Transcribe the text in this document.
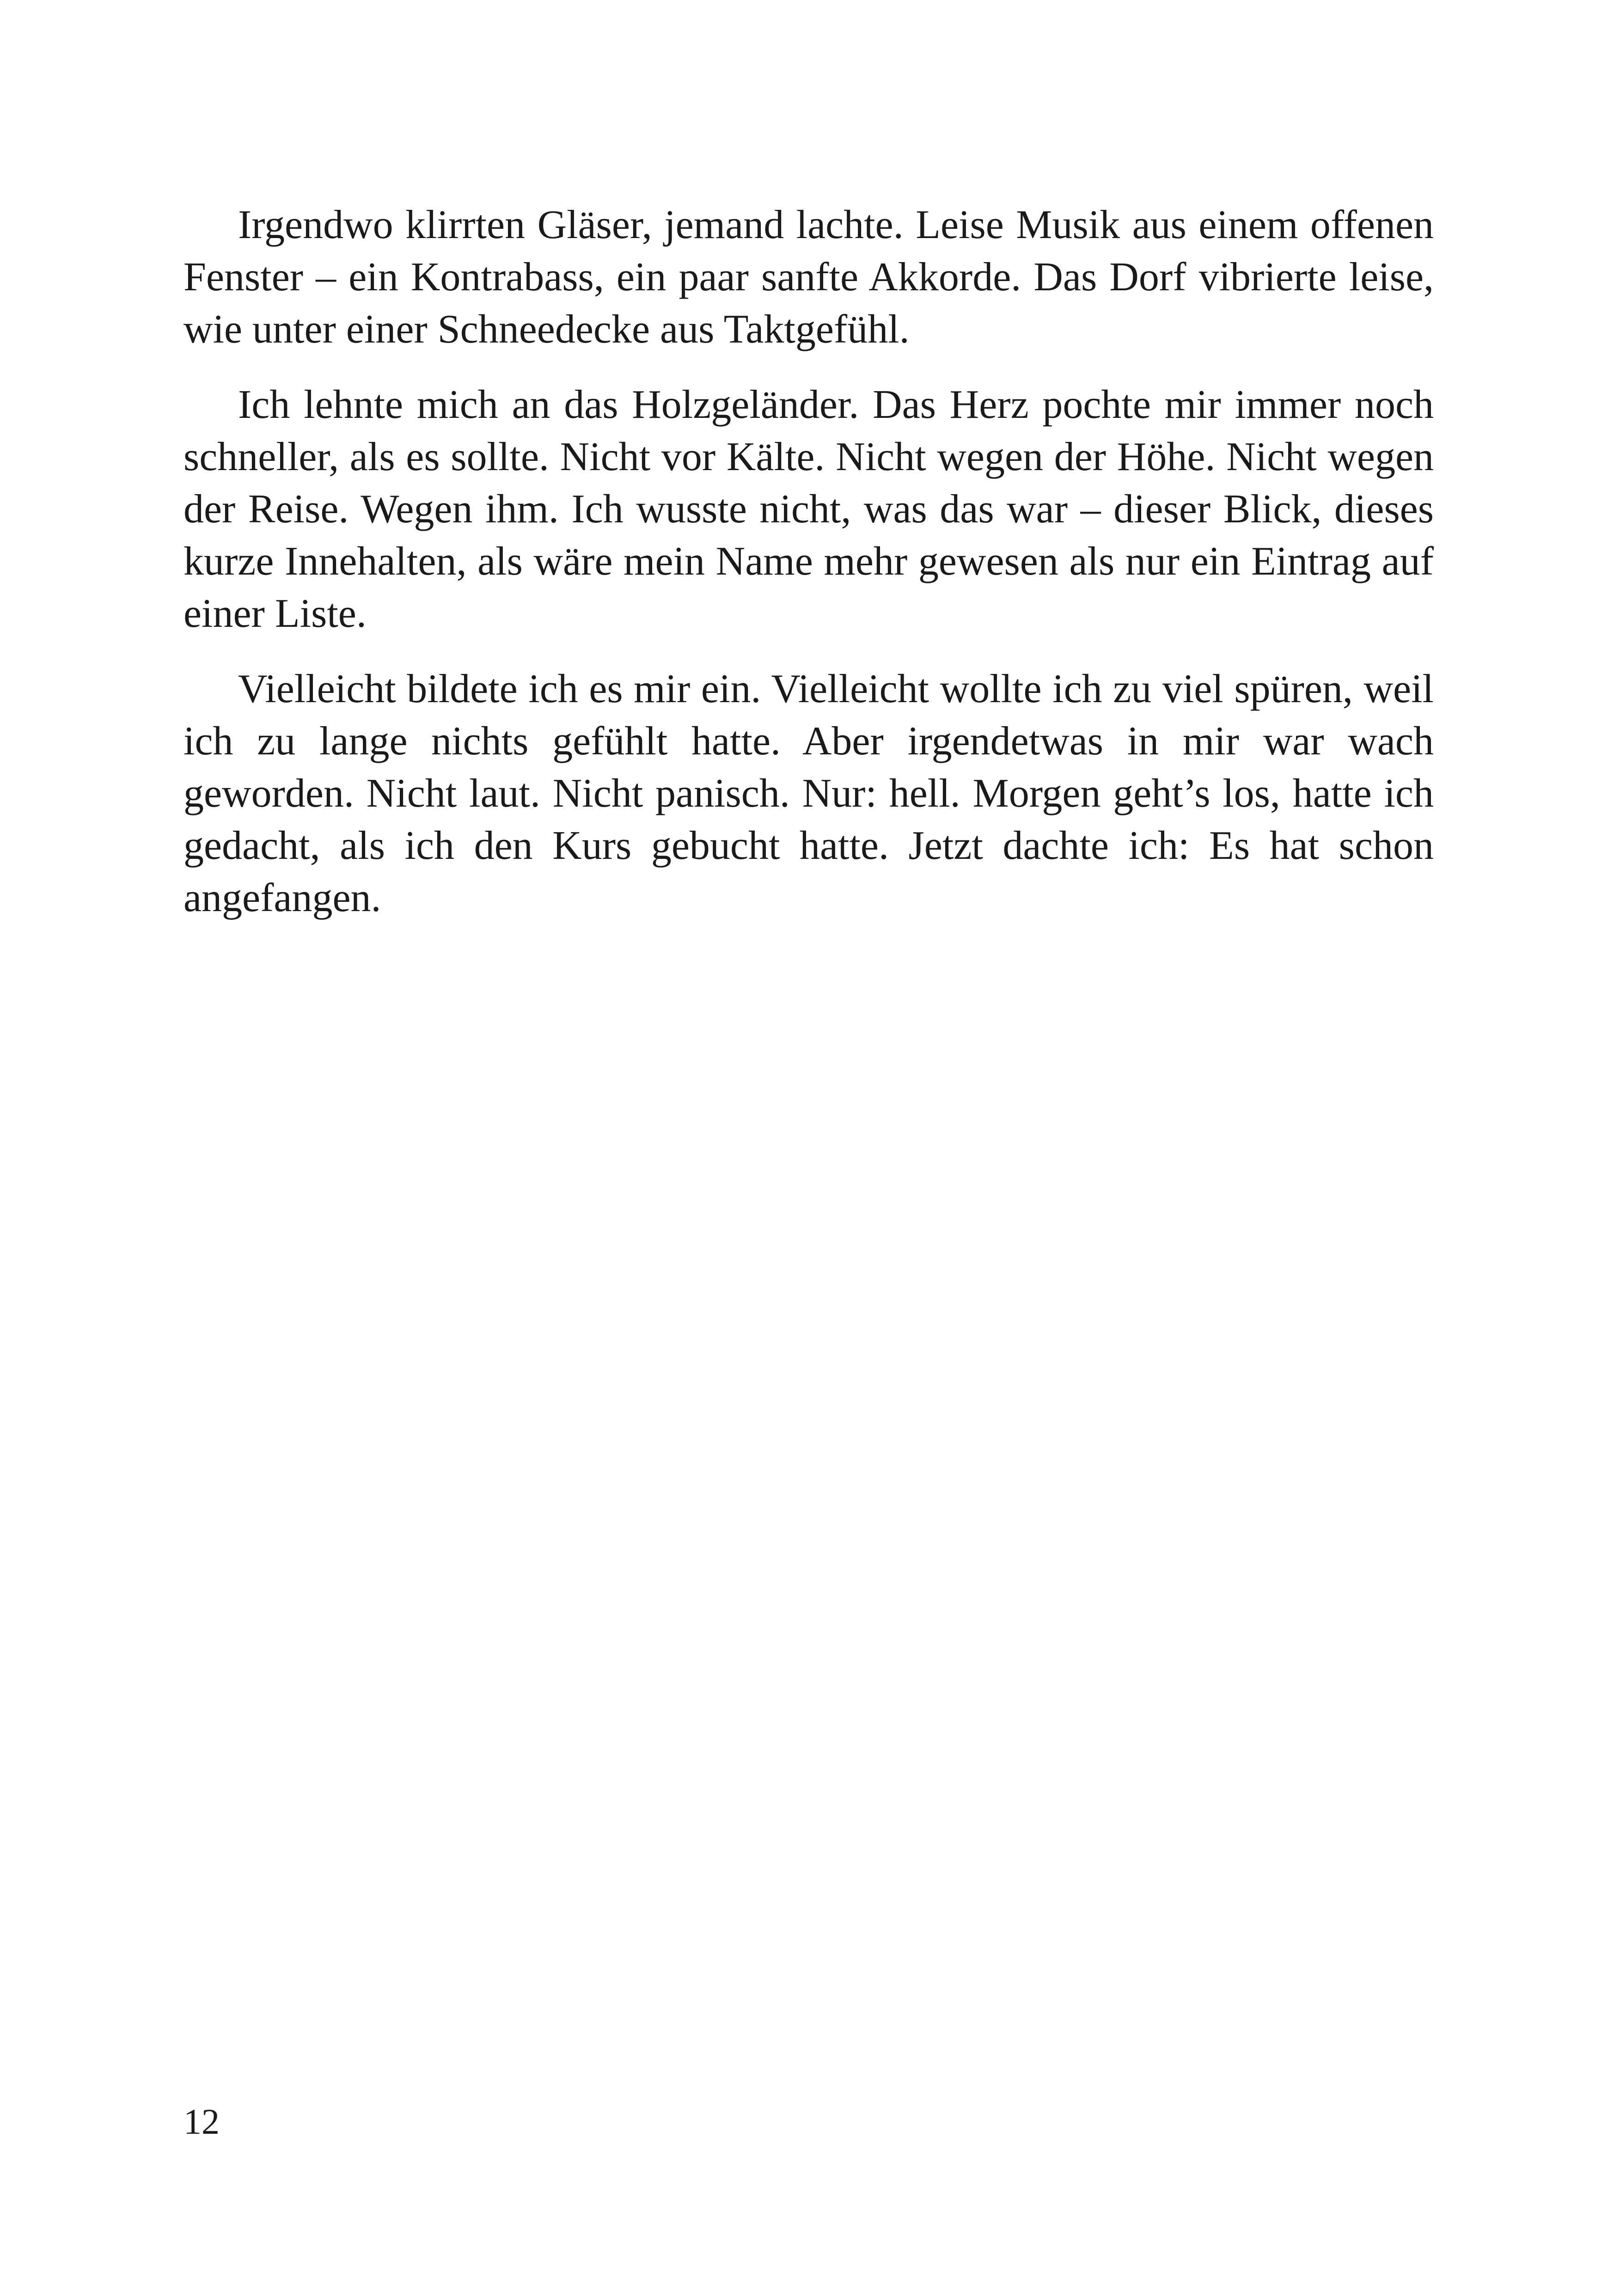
Irgendwo klirrten Gläser, jemand lachte. Leise Musik aus einem offenen Fenster – ein Kontrabass, ein paar sanfte Akkorde. Das Dorf vibrierte leise, wie unter einer Schneedecke aus Taktgefühl.

Ich lehnte mich an das Holzgeländer. Das Herz pochte mir immer noch schneller, als es sollte. Nicht vor Kälte. Nicht wegen der Höhe. Nicht wegen der Reise. Wegen ihm. Ich wusste nicht, was das war – dieser Blick, dieses kurze Innehalten, als wäre mein Name mehr gewesen als nur ein Eintrag auf einer Liste.

Vielleicht bildete ich es mir ein. Vielleicht wollte ich zu viel spüren, weil ich zu lange nichts gefühlt hatte. Aber irgendetwas in mir war wach geworden. Nicht laut. Nicht panisch. Nur: hell. Morgen geht’s los, hatte ich gedacht, als ich den Kurs gebucht hatte. Jetzt dachte ich: Es hat schon angefangen.

12
